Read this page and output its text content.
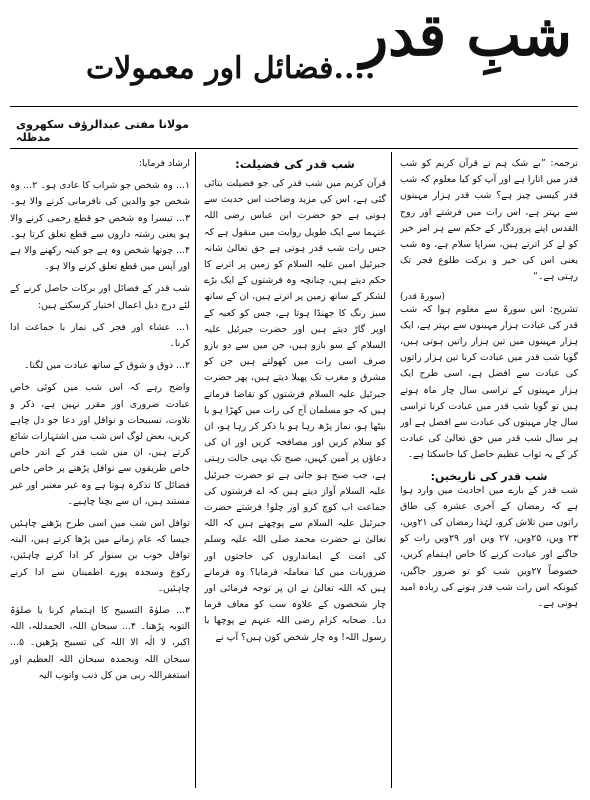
شبِ قدر
....فضائل اور معمولات
مولانا مفتی عبدالرؤف سکھروی مدظلہ

ترجمہ: ”بے شک ہم نے قرآن کریم کو شب قدر میں اتارا ہے اور آپ کو کیا معلوم کہ شب قدر کیسی چیز ہے؟ شب قدر ہزار مہینوں سے بہتر ہے، اس رات میں فرشتے اور روح القدس اپنے پروردگار کے حکم سے ہر امر خیر کو لے کر اترتے ہیں، سراپا سلام ہے، وہ شب یعنی اس کی خیر و برکت طلوع فجر تک رہتی ہے۔“

(سورۃ قدر)

تشریح: اس سورۃ سے معلوم ہوا کہ شب قدر کی عبادت ہزار مہینوں سے بہتر ہے، ایک ہزار مہینوں میں تین ہزار راتیں ہوتی ہیں، گویا شب قدر میں عبادت کرنا تین ہزار راتوں کی عبادت سے افضل ہے، اسی طرح ایک ہزار مہینوں کے تراسی سال چار ماہ ہوتے ہیں تو گویا شب قدر میں عبادت کرنا تراسی سال چار مہینوں کی عبادت سے افضل ہے اور ہر سال شب قدر میں حق تعالیٰ کی عبادت کر کے یہ ثواب عظیم حاصل کیا جاسکتا ہے۔

شب قدر کی تاریخیں:

شب قدر کے بارے میں احادیث میں وارد ہوا ہے کہ رمضان کے آخری عشرہ کی طاق راتوں میں تلاش کرو، لہٰذا رمضان کی ۲۱ویں، ۲۳ ویں، ۲۵ویں، ۲۷ ویں اور ۲۹ویں رات کو جاگنے اور عبادت کرنے کا خاص اہتمام کریں، خصوصاً ۲۷ویں شب کو تو ضرور جاگیں، کیونکہ اس رات شب قدر ہونے کی زیادہ امید ہوتی ہے۔

شب قدر کی فضیلت:

قرآن کریم میں شب قدر کی جو فضیلت بتائی گئی ہے، اس کی مزید وضاحت اس حدیث سے ہوتی ہے جو حضرت ابن عباس رضی اللہ عنہما سے ایک طویل روایت میں منقول ہے کہ جس رات شب قدر ہوتی ہے حق تعالیٰ شانہ جبرئیل امین علیہ السلام کو زمین پر اترنے کا حکم دیتے ہیں، چنانچہ وہ فرشتوں کے ایک بڑے لشکر کے ساتھ زمین پر اترتے ہیں، ان کے ساتھ سبز رنگ کا جھنڈا ہوتا ہے، جس کو کعبہ کے اوپر گاڑ دیتے ہیں اور حضرت جبرئیل علیہ السلام کے سو بازو ہیں، جن میں سے دو بازو صرف اسی رات میں کھولتے ہیں جن کو مشرق و مغرب تک پھیلا دیتے ہیں، پھر حضرت جبرئیل علیہ السلام فرشتوں کو تقاضا فرماتے ہیں کہ جو مسلمان آج کی رات میں کھڑا ہو یا بیٹھا ہو، نماز پڑھ رہا ہو یا ذکر کر رہا ہو، ان کو سلام کریں اور مصافحہ کریں اور ان کی دعاؤں پر آمین کہیں، صبح تک یہی حالت رہتی ہے، جب صبح ہو جاتی ہے تو حضرت جبرئیل علیہ السلام آواز دیتے ہیں کہ اے فرشتوں کی جماعت اب کوچ کرو اور چلو! فرشتے حضرت جبرئیل علیہ السلام سے پوچھتے ہیں کہ اللہ تعالیٰ نے حضرت محمد صلی اللہ علیہ وسلم کی امت کے ایمانداروں کی حاجتوں اور ضروریات میں کیا معاملہ فرمایا؟ وہ فرماتے ہیں کہ اللہ تعالیٰ نے ان پر توجہ فرمائی اور چار شخصوں کے علاوہ سب کو معاف فرما دیا۔ صحابہ کرام رضی اللہ عنہم نے پوچھا یا رسول اللہ! وہ چار شخص کون ہیں؟ آپ نے

ارشاد فرمایا:

۱... وہ شخص جو شراب کا عادی ہو۔ ۲... وہ شخص جو والدین کی نافرمانی کرنے والا ہو۔ ۳... تیسرا وہ شخص جو قطع رحمی کرنے والا ہو یعنی رشتہ داروں سے قطع تعلق کرتا ہو۔ ۴... چوتھا شخص وہ ہے جو کینہ رکھنے والا ہے اور آپس میں قطع تعلق کرنے والا ہو۔

شب قدر کے فضائل اور برکات حاصل کرنے کے لئے درج ذیل اعمال اختیار کرسکتے ہیں:

۱... عشاء اور فجر کی نماز با جماعت ادا کرنا۔

۲... ذوق و شوق کے ساتھ عبادت میں لگنا۔

واضح رہے کہ اس شب میں کوئی خاص عبادت ضروری اور مقرر نہیں ہے، ذکر و تلاوت، تسبیحات و نوافل اور دعا جو دل چاہے کریں، بعض لوگ اس شب میں اشتہارات شائع کرتے ہیں، ان میں شب قدر کے اندر خاص خاص طریقوں سے نوافل پڑھنے پر خاص خاص فضائل کا تذکرہ ہوتا ہے وہ غیر معتبر اور غیر مستند ہیں، ان سے بچنا چاہیے۔

نوافل اس شب میں اسی طرح پڑھنے چاہئیں جیسا کہ عام زمانے میں پڑھا کرتے ہیں، البتہ نوافل خوب بن سنوار کر ادا کرنے چاہئیں، رکوع وسجدہ پورے اطمینان سے ادا کرنے چاہئیں۔

۳... صلوٰۃ التسبیح کا اہتمام کرنا یا صلوٰۃ التوبہ پڑھنا۔ ۴... سبحان اللہ، الحمدللہ، اللہ اکبر، لا الٰہ الا اللہ کی تسبیح پڑھیں۔ ۵... سبحان اللہ وبحمدہ سبحان اللہ العظیم اور استغفراللہ ربی من کل ذنب واتوب الیہ
